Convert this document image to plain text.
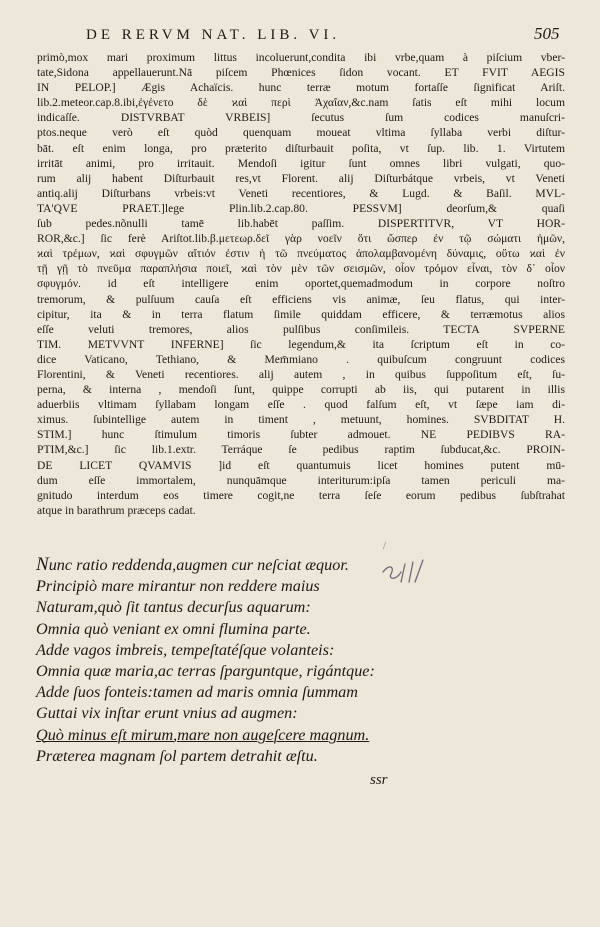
DE RERVM NAT. LIB. VI.	505
primò,mox mari proximum littus incoluerunt,condita ibi vrbe,quam à piſcium vber-
tate,Sidona appellauerunt.Nā piſcem Phœnices ſidon vocant. ET FVIT AEGIS
IN PELOP.] Ægis Achaïcis. hunc terræ motum fortaſſe ſignificat Ariſt.
lib.2.meteor.cap.8.ibi,ἐγένετο δὲ ϰαὶ περὶ Ἀχαΐαν,&c.nam ſatis eſt mihi locum
indicaſſe. DISTVRBAT VRBEIS] ſecutus ſum codices manuſcri-
ptos.neque verò eſt quòd quenquam moueat vltima ſyllaba verbi diſtur-
bāt. eſt enim longa, pro præterito diſturbauit poſita, vt ſup. lib. 1. Virtutem
irritāt animi, pro irritauit. Mendoſi igitur ſunt omnes libri vulgati, quo-
rum alij habent Diſturbauit res,vt Florent. alij Diſturbátque vrbeis, vt Veneti
antiq.alij Diſturbans vrbeis:vt Veneti recentiores, & Lugd. & Baſil. MVL-
TA'QVE PRAET.]lege Plin.lib.2.cap.80. PESSVM] deorſum,& quaſi
ſub pedes.nõnulli tamē lib.habēt paſſim. DISPERTITVR, VT HOR-
ROR,&c.] ſic ferè Ariſtot.lib.β.μετεωρ.δεῖ γὰρ νοεῖν ὅτι ὥσπερ ἐν τῷ σώματι ἡμῶν,
ϰαὶ τρέμων, ϰαὶ σφυγμῶν αἴτιόν ἐστιν ἡ τῶ πνεύματος ἀπολαμβανομένη δύναμις, οὕτω ϰαὶ ἐν
τῇ γῇ τὸ πνεῦμα παραπλήσια ποιεῖ, ϰαὶ τὸν μὲν τῶν σεισμῶν, οἷον τρόμον εἶναι, τὸν δ᾽ οἷον
σφυγμόν. id eſt intelligere enim oportet,quemadmodum in corpore noſtro
tremorum, & pulſuum cauſa eſt efficiens vis animæ, ſeu flatus, qui inter-
cipitur, ita & in terra flatum ſimile quiddam efficere, & terræmotus alios
eſſe veluti tremores, alios pulſibus conſimileis. TECTA SVPERNE
TIM. METVVNT INFERNE] ſic legendum,& ita ſcriptum eſt in co-
dice Vaticano, Tethiano, & Mem̄miano . quibuſcum congruunt codices
Florentini, & Veneti recentiores. alij autem , in quibus ſuppoſitum eſt, ſu-
perna, & interna , mendoſi ſunt, quippe corrupti ab iis, qui putarent in illis
aduerbiis vltimam ſyllabam longam eſſe . quod falſum eſt, vt ſæpe iam di-
ximus. ſubintellige autem in timent , metuunt, homines. SVBDITAT H.
STIM.] hunc ſtimulum timoris ſubter admouet. NE PEDIBVS RA-
PTIM,&c.] ſic lib.1.extr. Terráque ſe pedibus raptim ſubducat,&c. PROIN-
DE LICET QVAMVIS ]id eſt quantumuis licet homines putent mū-
dum eſſe immortalem, nunquāmque interiturum:ipſa tamen periculi ma-
gnitudo interdum eos timere cogit,ne terra ſeſe eorum pedibus ſubſtrahat
atque in barathrum præceps cadat.
/
Nunc ratio reddenda,augmen cur neſciat æquor.
Principiò mare mirantur non reddere maius
Naturam,quò ſit tantus decurſus aquarum:
Omnia quò veniant ex omni flumina parte.
Adde vagos imbreis, tempeſtatéſque volanteis:
Omnia quæ maria,ac terras ſparguntque, rigántque:
Adde ſuos fonteis:tamen ad maris omnia ſummam
Guttai vix inſtar erunt vnius ad augmen:
Quò minus eſt mirum,mare non augeſcere magnum.
Præterea magnam ſol partem detrahit æſtu.
ssr
